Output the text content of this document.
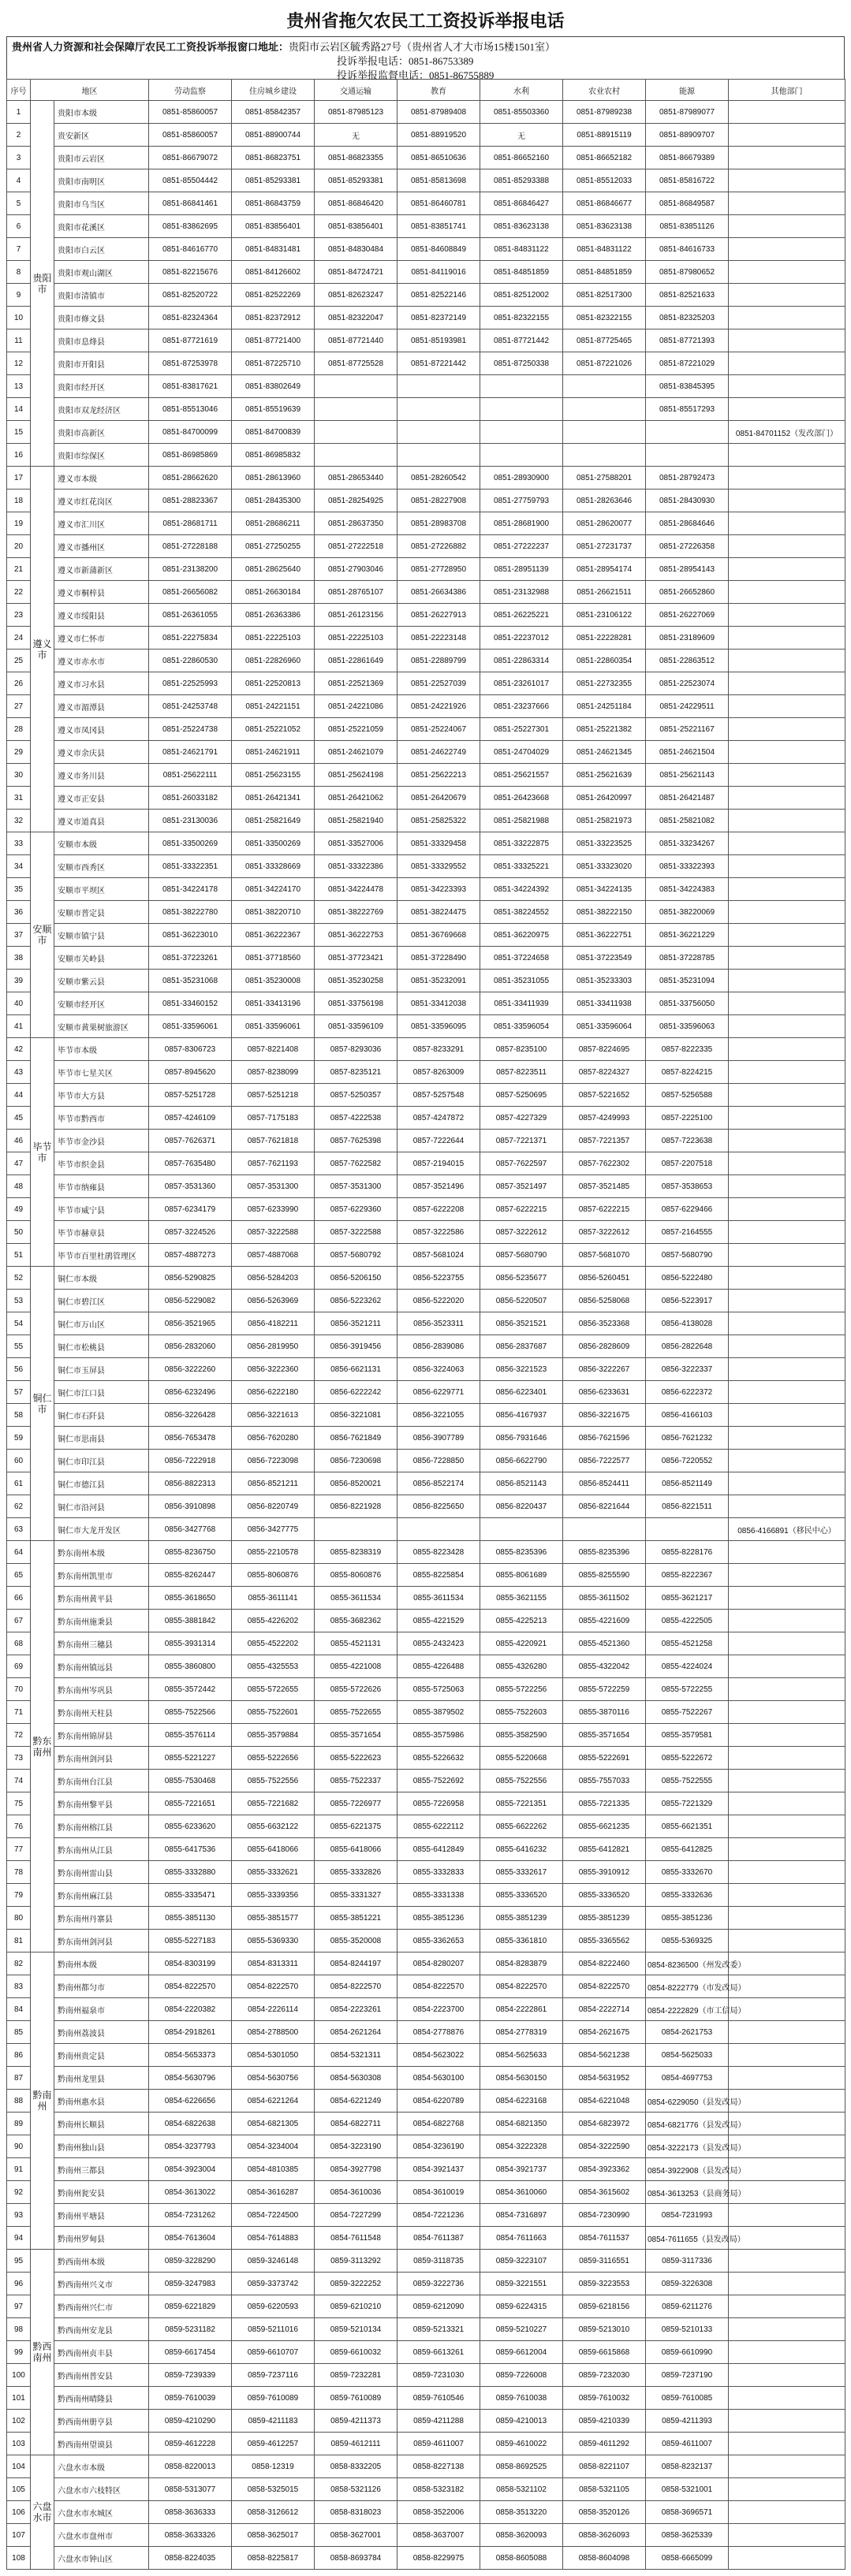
贵州省拖欠农民工工资投诉举报电话
贵州省人力资源和社会保障厅农民工工资投诉举报窗口地址：贵阳市云岩区毓秀路27号（贵州省人才大市场15楼1501室）
投诉举报电话：0851-86753389
投诉举报监督电话：0851-86755889
序号	地区		劳动监察	住房城乡建设	交通运输	教育	水利	农业农村	能源	其他部门
1	贵阳市	贵阳市本级	0851-85860057	0851-85842357	0851-87985123	0851-87989408	0851-85503360	0851-87989238	0851-87989077	
2		贵安新区	0851-85860057	0851-88900744	无	0851-88919520	无	0851-88915119	0851-88909707	
3		贵阳市云岩区	0851-86679072	0851-86823751	0851-86823355	0851-86510636	0851-86652160	0851-86652182	0851-86679389	
4		贵阳市南明区	0851-85504442	0851-85293381	0851-85293381	0851-85813698	0851-85293388	0851-85512033	0851-85816722	
5		贵阳市乌当区	0851-86841461	0851-86843759	0851-86846420	0851-86460781	0851-86846427	0851-86846677	0851-86849587	
6		贵阳市花溪区	0851-83862695	0851-83856401	0851-83856401	0851-83851741	0851-83623138	0851-83623138	0851-83851126	
7		贵阳市白云区	0851-84616770	0851-84831481	0851-84830484	0851-84608849	0851-84831122	0851-84831122	0851-84616733	
8		贵阳市观山湖区	0851-82215676	0851-84126602	0851-84724721	0851-84119016	0851-84851859	0851-84851859	0851-87980652	
9		贵阳市清镇市	0851-82520722	0851-82522269	0851-82623247	0851-82522146	0851-82512002	0851-82517300	0851-82521633	
10		贵阳市修文县	0851-82324364	0851-82372912	0851-82322047	0851-82372149	0851-82322155	0851-82322155	0851-82325203	
11		贵阳市息烽县	0851-87721619	0851-87721400	0851-87721440	0851-85193981	0851-87721442	0851-87725465	0851-87721393	
12		贵阳市开阳县	0851-87253978	0851-87225710	0851-87725528	0851-87221442	0851-87250338	0851-87221026	0851-87221029	
13		贵阳市经开区	0851-83817621	0851-83802649					0851-83845395	
14		贵阳市双龙经济区	0851-85513046	0851-85519639					0851-85517293	
15		贵阳市高新区	0851-84700099	0851-84700839						0851-84701152（发改部门）
16		贵阳市综保区	0851-86985869	0851-86985832						
17	遵义市	遵义市本级	0851-28662620	0851-28613960	0851-28653440	0851-28260542	0851-28930900	0851-27588201	0851-28792473	
18		遵义市红花岗区	0851-28823367	0851-28435300	0851-28254925	0851-28227908	0851-27759793	0851-28263646	0851-28430930	
19		遵义市汇川区	0851-28681711	0851-28686211	0851-28637350	0851-28983708	0851-28681900	0851-28620077	0851-28684646	
20		遵义市播州区	0851-27228188	0851-27250255	0851-27222518	0851-27226882	0851-27222237	0851-27231737	0851-27226358	
21		遵义市新蒲新区	0851-23138200	0851-28625640	0851-27903046	0851-27728950	0851-28951139	0851-28954174	0851-28954143	
22		遵义市桐梓县	0851-26656082	0851-26630184	0851-28765107	0851-26634386	0851-23132988	0851-26621511	0851-26652860	
23		遵义市绥阳县	0851-26361055	0851-26363386	0851-26123156	0851-26227913	0851-26225221	0851-23106122	0851-26227069	
24		遵义市仁怀市	0851-22275834	0851-22225103	0851-22225103	0851-22223148	0851-22237012	0851-22228281	0851-23189609	
25		遵义市赤水市	0851-22860530	0851-22826960	0851-22861649	0851-22889799	0851-22863314	0851-22860354	0851-22863512	
26		遵义市习水县	0851-22525993	0851-22520813	0851-22521369	0851-22527039	0851-23261017	0851-22732355	0851-22523074	
27		遵义市湄潭县	0851-24253748	0851-24221151	0851-24221086	0851-24221926	0851-23237666	0851-24251184	0851-24229511	
28		遵义市凤冈县	0851-25224738	0851-25221052	0851-25221059	0851-25224067	0851-25227301	0851-25221382	0851-25221167	
29		遵义市余庆县	0851-24621791	0851-24621911	0851-24621079	0851-24622749	0851-24704029	0851-24621345	0851-24621504	
30		遵义市务川县	0851-25622111	0851-25623155	0851-25624198	0851-25622213	0851-25621557	0851-25621639	0851-25621143	
31		遵义市正安县	0851-26033182	0851-26421341	0851-26421062	0851-26420679	0851-26423668	0851-26420997	0851-26421487	
32		遵义市道真县	0851-23130036	0851-25821649	0851-25821940	0851-25825322	0851-25821988	0851-25821973	0851-25821082	
33	安顺市	安顺市本级	0851-33500269	0851-33500269	0851-33527006	0851-33329458	0851-33222875	0851-33223525	0851-33234267	
34		安顺市西秀区	0851-33322351	0851-33328669	0851-33322386	0851-33329552	0851-33325221	0851-33323020	0851-33322393	
35		安顺市平坝区	0851-34224178	0851-34224170	0851-34224478	0851-34223393	0851-34224392	0851-34224135	0851-34224383	
36		安顺市普定县	0851-38222780	0851-38220710	0851-38222769	0851-38224475	0851-38224552	0851-38222150	0851-38220069	
37		安顺市镇宁县	0851-36223010	0851-36222367	0851-36222753	0851-36769668	0851-36220975	0851-36222751	0851-36221229	
38		安顺市关岭县	0851-37223261	0851-37718560	0851-37723421	0851-37228490	0851-37224658	0851-37223549	0851-37228785	
39		安顺市紫云县	0851-35231068	0851-35230008	0851-35230258	0851-35232091	0851-35231055	0851-35233303	0851-35231094	
40		安顺市经开区	0851-33460152	0851-33413196	0851-33756198	0851-33412038	0851-33411939	0851-33411938	0851-33756050	
41		安顺市黄果树旅游区	0851-33596061	0851-33596061	0851-33596109	0851-33596095	0851-33596054	0851-33596064	0851-33596063	
42	毕节市	毕节市本级	0857-8306723	0857-8221408	0857-8293036	0857-8233291	0857-8235100	0857-8224695	0857-8222335	
43		毕节市七星关区	0857-8945620	0857-8238099	0857-8235121	0857-8263009	0857-8223511	0857-8224327	0857-8224215	
44		毕节市大方县	0857-5251728	0857-5251218	0857-5250357	0857-5257548	0857-5250695	0857-5221652	0857-5256588	
45		毕节市黔西市	0857-4246109	0857-7175183	0857-4222538	0857-4247872	0857-4227329	0857-4249993	0857-2225100	
46		毕节市金沙县	0857-7626371	0857-7621818	0857-7625398	0857-7222644	0857-7221371	0857-7221357	0857-7223638	
47		毕节市织金县	0857-7635480	0857-7621193	0857-7622582	0857-2194015	0857-7622597	0857-7622302	0857-2207518	
48		毕节市纳雍县	0857-3531360	0857-3531300	0857-3531300	0857-3521496	0857-3521497	0857-3521485	0857-3538653	
49		毕节市威宁县	0857-6234179	0857-6233990	0857-6229360	0857-6222208	0857-6222215	0857-6222215	0857-6229466	
50		毕节市赫章县	0857-3224526	0857-3222588	0857-3222588	0857-3222586	0857-3222612	0857-3222612	0857-2164555	
51		毕节市百里杜鹃管理区	0857-4887273	0857-4887068	0857-5680792	0857-5681024	0857-5680790	0857-5681070	0857-5680790	
52	铜仁市	铜仁市本级	0856-5290825	0856-5284203	0856-5206150	0856-5223755	0856-5235677	0856-5260451	0856-5222480	
53		铜仁市碧江区	0856-5229082	0856-5263969	0856-5223262	0856-5222020	0856-5220507	0856-5258068	0856-5223917	
54		铜仁市万山区	0856-3521965	0856-4182211	0856-3521211	0856-3523311	0856-3521521	0856-3523368	0856-4138028	
55		铜仁市松桃县	0856-2832060	0856-2819950	0856-3919456	0856-2839086	0856-2837687	0856-2828609	0856-2822648	
56		铜仁市玉屏县	0856-3222260	0856-3222360	0856-6621131	0856-3224063	0856-3221523	0856-3222267	0856-3222337	
57		铜仁市江口县	0856-6232496	0856-6222180	0856-6222242	0856-6229771	0856-6223401	0856-6233631	0856-6222372	
58		铜仁市石阡县	0856-3226428	0856-3221613	0856-3221081	0856-3221055	0856-4167937	0856-3221675	0856-4166103	
59		铜仁市思南县	0856-7653478	0856-7620280	0856-7621849	0856-3907789	0856-7931646	0856-7621596	0856-7621232	
60		铜仁市印江县	0856-7222918	0856-7223098	0856-7230698	0856-7228850	0856-6622790	0856-7222577	0856-7220552	
61		铜仁市德江县	0856-8822313	0856-8521211	0856-8520021	0856-8522174	0856-8521143	0856-8524411	0856-8521149	
62		铜仁市沿河县	0856-3910898	0856-8220749	0856-8221928	0856-8225650	0856-8220437	0856-8221644	0856-8221511	
63		铜仁市大龙开发区	0856-3427768	0856-3427775						0856-4166891（移民中心）
64	黔东南州	黔东南州本级	0855-8236750	0855-2210578	0855-8238319	0855-8223428	0855-8235396	0855-8235396	0855-8228176	
65		黔东南州凯里市	0855-8262447	0855-8060876	0855-8060876	0855-8225854	0855-8061689	0855-8255590	0855-8222367	
66		黔东南州黄平县	0855-3618650	0855-3611141	0855-3611534	0855-3611534	0855-3621155	0855-3611502	0855-3621217	
67		黔东南州施秉县	0855-3881842	0855-4226202	0855-3682362	0855-4221529	0855-4225213	0855-4221609	0855-4222505	
68		黔东南州三穗县	0855-3931314	0855-4522202	0855-4521131	0855-2432423	0855-4220921	0855-4521360	0855-4521258	
69		黔东南州镇远县	0855-3860800	0855-4325553	0855-4221008	0855-4226488	0855-4326280	0855-4322042	0855-4224024	
70		黔东南州岑巩县	0855-3572442	0855-5722655	0855-5722626	0855-5725063	0855-5722256	0855-5722259	0855-5722255	
71		黔东南州天柱县	0855-7522566	0855-7522601	0855-7522655	0855-3879502	0855-7522603	0855-3870116	0855-7522267	
72		黔东南州锦屏县	0855-3576114	0855-3579884	0855-3571654	0855-3575986	0855-3582590	0855-3571654	0855-3579581	
73		黔东南州剑河县	0855-5221227	0855-5222656	0855-5222623	0855-5226632	0855-5220668	0855-5222691	0855-5222672	
74		黔东南州台江县	0855-7530468	0855-7522556	0855-7522337	0855-7522692	0855-7522556	0855-7557033	0855-7522555	
75		黔东南州黎平县	0855-7221651	0855-7221682	0855-7226977	0855-7226958	0855-7221351	0855-7221335	0855-7221329	
76		黔东南州榕江县	0855-6233620	0855-6632122	0855-6221375	0855-6222112	0855-6622262	0855-6621235	0855-6621351	
77		黔东南州从江县	0855-6417536	0855-6418066	0855-6418066	0855-6412849	0855-6416232	0855-6412821	0855-6412825	
78		黔东南州雷山县	0855-3332880	0855-3332621	0855-3332826	0855-3332833	0855-3332617	0855-3910912	0855-3332670	
79		黔东南州麻江县	0855-3335471	0855-3339356	0855-3331327	0855-3331338	0855-3336520	0855-3336520	0855-3332636	
80		黔东南州丹寨县	0855-3851130	0855-3851577	0855-3851221	0855-3851236	0855-3851239	0855-3851239	0855-3851236	
81		黔东南州剑河县	0855-5227183	0855-5369330	0855-3520008	0855-3362653	0855-3361810	0855-3365562	0855-5369325	
82	黔南州	黔南州本级	0854-8303199	0854-8313311	0854-8244197	0854-8280207	0854-8283879	0854-8222460	0854-8236500（州发改委）	
83		黔南州都匀市	0854-8222570	0854-8222570	0854-8222570	0854-8222570	0854-8222570	0854-8222570	0854-8222779（市发改局）	
84		黔南州福泉市	0854-2220382	0854-2226114	0854-2223261	0854-2223700	0854-2222861	0854-2222714	0854-2222829（市工信局）	
85		黔南州荔波县	0854-2918261	0854-2788500	0854-2621264	0854-2778876	0854-2778319	0854-2621675	0854-2621753	
86		黔南州贵定县	0854-5653373	0854-5301050	0854-5321311	0854-5623022	0854-5625633	0854-5621238	0854-5625033	
87		黔南州龙里县	0854-5630796	0854-5630756	0854-5630308	0854-5630100	0854-5630150	0854-5631952	0854-4697753	
88		黔南州惠水县	0854-6226656	0854-6221264	0854-6221249	0854-6220789	0854-6223168	0854-6221048	0854-6229050（县发改局）	
89		黔南州长顺县	0854-6822638	0854-6821305	0854-6822711	0854-6822768	0854-6821350	0854-6823972	0854-6821776（县发改局）	
90		黔南州独山县	0854-3237793	0854-3234004	0854-3223190	0854-3236190	0854-3222328	0854-3222590	0854-3222173（县发改局）	
91		黔南州三都县	0854-3923004	0854-4810385	0854-3927798	0854-3921437	0854-3921737	0854-3923362	0854-3922908（县发改局）	
92		黔南州瓮安县	0854-3613022	0854-3616287	0854-3610036	0854-3610019	0854-3610060	0854-3615602	0854-3613253（县商务局）	
93		黔南州平塘县	0854-7231262	0854-7224500	0854-7227299	0854-7221236	0854-7316897	0854-7230990	0854-7231993	
94		黔南州罗甸县	0854-7613604	0854-7614883	0854-7611548	0854-7611387	0854-7611663	0854-7611537	0854-7611655（县发改局）	
95	黔西南州	黔西南州本级	0859-3228290	0859-3246148	0859-3113292	0859-3118735	0859-3223107	0859-3116551	0859-3117336	
96		黔西南州兴义市	0859-3247983	0859-3373742	0859-3222252	0859-3222736	0859-3221551	0859-3223553	0859-3226308	
97		黔西南州兴仁市	0859-6221829	0859-6220593	0859-6210210	0859-6212090	0859-6224315	0859-6218156	0859-6211276	
98		黔西南州安龙县	0859-5231182	0859-5211016	0859-5210134	0859-5213321	0859-5210227	0859-5213010	0859-5210133	
99		黔西南州贞丰县	0859-6617454	0859-6610707	0859-6610032	0859-6613261	0859-6612004	0859-6615868	0859-6610990	
100		黔西南州普安县	0859-7239339	0859-7237116	0859-7232281	0859-7231030	0859-7226008	0859-7232030	0859-7237190	
101		黔西南州晴隆县	0859-7610039	0859-7610089	0859-7610089	0859-7610546	0859-7610038	0859-7610032	0859-7610085	
102		黔西南州册亨县	0859-4210290	0859-4211183	0859-4211373	0859-4211288	0859-4210013	0859-4210339	0859-4211393	
103		黔西南州望谟县	0859-4612228	0859-4612257	0859-4612111	0859-4611007	0859-4610022	0859-4611292	0859-4611007	
104	六盘水市	六盘水市本级	0858-8220013	0858-12319	0858-8332205	0858-8227138	0858-8692525	0858-8221107	0858-8232137	
105		六盘水市六枝特区	0858-5313077	0858-5325015	0858-5321126	0858-5323182	0858-5321102	0858-5321105	0858-5321001	
106		六盘水市水城区	0858-3636333	0858-3126612	0858-8318023	0858-3522006	0858-3513220	0858-3520126	0858-3696571	
107		六盘水市盘州市	0858-3633326	0858-3625017	0858-3627001	0858-3637007	0858-3620093	0858-3626093	0858-3625339	
108		六盘水市钟山区	0858-8224035	0858-8225817	0858-8693784	0858-8229975	0858-8605088	0858-8604098	0858-6665099	
